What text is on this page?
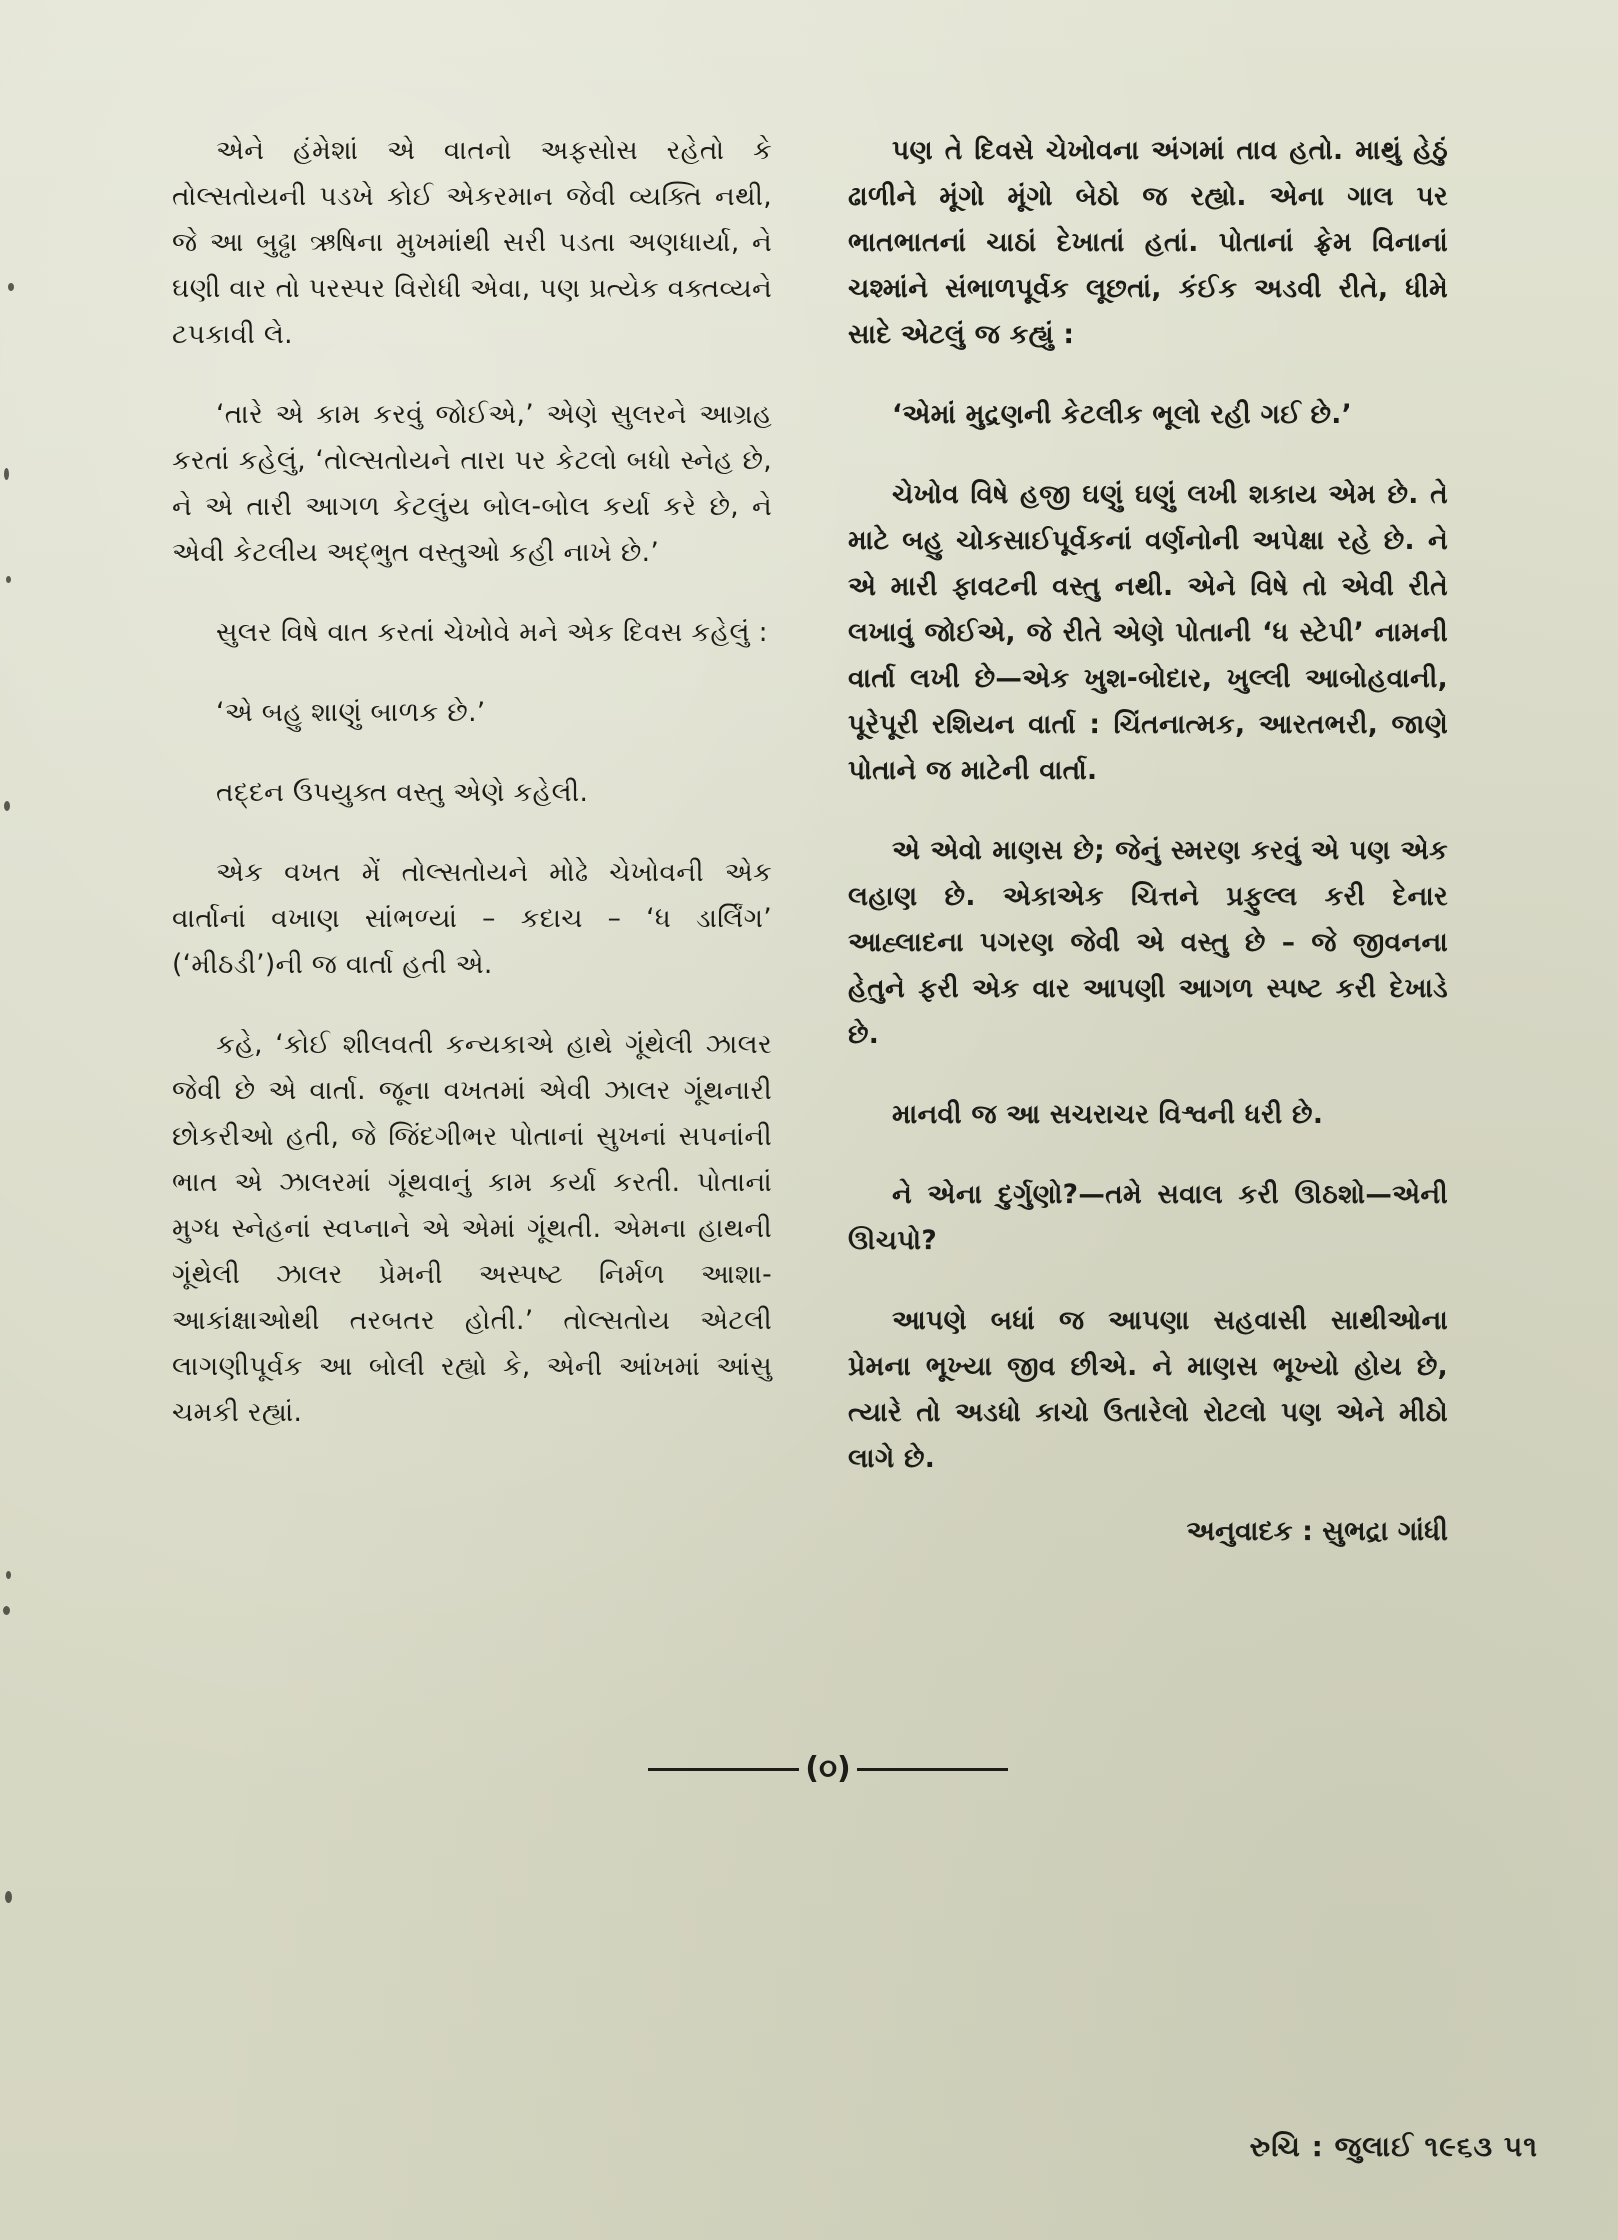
એને હંમેશાં એ વાતનો અફસોસ રહેતો કે તોલ્સતોયની પડખે કોઈ એકરમાન જેવી વ્યક્તિ નથી, જે આ બુઢ્ઢા ઋષિના મુખમાંથી સરી પડતા અણધાર્યા, ને ઘણી વાર તો પરસ્પર વિરોધી એવા, પણ પ્રત્યેક વક્તવ્યને ટપકાવી લે.

‘તારે એ કામ કરવું જોઈએ,’ એણે સુલરને આગ્રહ કરતાં કહેલું, ‘તોલ્સતોયને તારા પર કેટલો બધો સ્નેહ છે, ને એ તારી આગળ કેટલુંય બોલ-બોલ કર્યા કરે છે, ને એવી કેટલીય અદ્ભુત વસ્તુઓ કહી નાખે છે.’

સુલર વિષે વાત કરતાં ચેખોવે મને એક દિવસ કહેલું :

‘એ બહુ શાણું બાળક છે.’

તદ્દન ઉપયુક્ત વસ્તુ એણે કહેલી.

એક વખત મેં તોલ્સતોયને મોઢે ચેખોવની એક વાર્તાનાં વખાણ સાંભળ્યાં – કદાચ – ‘ધ ડાર્લિંગ’ (‘મીઠડી’)ની જ વાર્તા હતી એ.

કહે, ‘કોઈ શીલવતી કન્યકાએ હાથે ગૂંથેલી ઝાલર જેવી છે એ વાર્તા. જૂના વખતમાં એવી ઝાલર ગૂંથનારી છોકરીઓ હતી, જે જિંદગીભર પોતાનાં સુખનાં સપનાંની ભાત એ ઝાલરમાં ગૂંથવાનું કામ કર્યા કરતી. પોતાનાં મુગ્ધ સ્નેહનાં સ્વપ્નાને એ એમાં ગૂંથતી. એમના હાથની ગૂંથેલી ઝાલર પ્રેમની અસ્પષ્ટ નિર્મળ આશા-આકાંક્ષાઓથી તરબતર હોતી.’ તોલ્સતોય એટલી લાગણીપૂર્વક આ બોલી રહ્યો કે, એની આંખમાં આંસુ ચમકી રહ્યાં.

પણ તે દિવસે ચેખોવના અંગમાં તાવ હતો. માથું હેઠું ઢાળીને મૂંગો મૂંગો બેઠો જ રહ્યો. એના ગાલ પર ભાતભાતનાં ચાઠાં દેખાતાં હતાં. પોતાનાં ફ્રેમ વિનાનાં ચશ્માંને સંભાળપૂર્વક લૂછતાં, કંઈક અડવી રીતે, ધીમે સાદે એટલું જ કહ્યું :

‘એમાં મુદ્રણની કેટલીક ભૂલો રહી ગઈ છે.’

ચેખોવ વિષે હજી ઘણું ઘણું લખી શકાય એમ છે. તે માટે બહુ ચોકસાઈપૂર્વકનાં વર્ણનોની અપેક્ષા રહે છે. ને એ મારી ફાવટની વસ્તુ નથી. એને વિષે તો એવી રીતે લખાવું જોઈએ, જે રીતે એણે પોતાની ‘ધ સ્ટેપી’ નામની વાર્તા લખી છે—એક ખુશ-બોદાર, ખુલ્લી આબોહવાની, પૂરેપૂરી રશિયન વાર્તા : ચિંતનાત્મક, આરતભરી, જાણે પોતાને જ માટેની વાર્તા.

એ એવો માણસ છે; જેનું સ્મરણ કરવું એ પણ એક લહાણ છે. એકાએક ચિત્તને પ્રફુલ્લ કરી દેનાર આહ્લાદના પગરણ જેવી એ વસ્તુ છે – જે જીવનના હેતુને ફરી એક વાર આપણી આગળ સ્પષ્ટ કરી દેખાડે છે.

માનવી જ આ સચરાચર વિશ્વની ધરી છે.

ને એના દુર્ગુણો?—તમે સવાલ કરી ઊઠશો—એની ઊચપો?

આપણે બધાં જ આપણા સહવાસી સાથીઓના પ્રેમના ભૂખ્યા જીવ છીએ. ને માણસ ભૂખ્યો હોય છે, ત્યારે તો અડધો કાચો ઉતારેલો રોટલો પણ એને મીઠો લાગે છે.

અનુવાદક : સુભદ્રા ગાંધી
(૦)
રુચિ : જુલાઈ ૧૯૬૩ ૫૧
